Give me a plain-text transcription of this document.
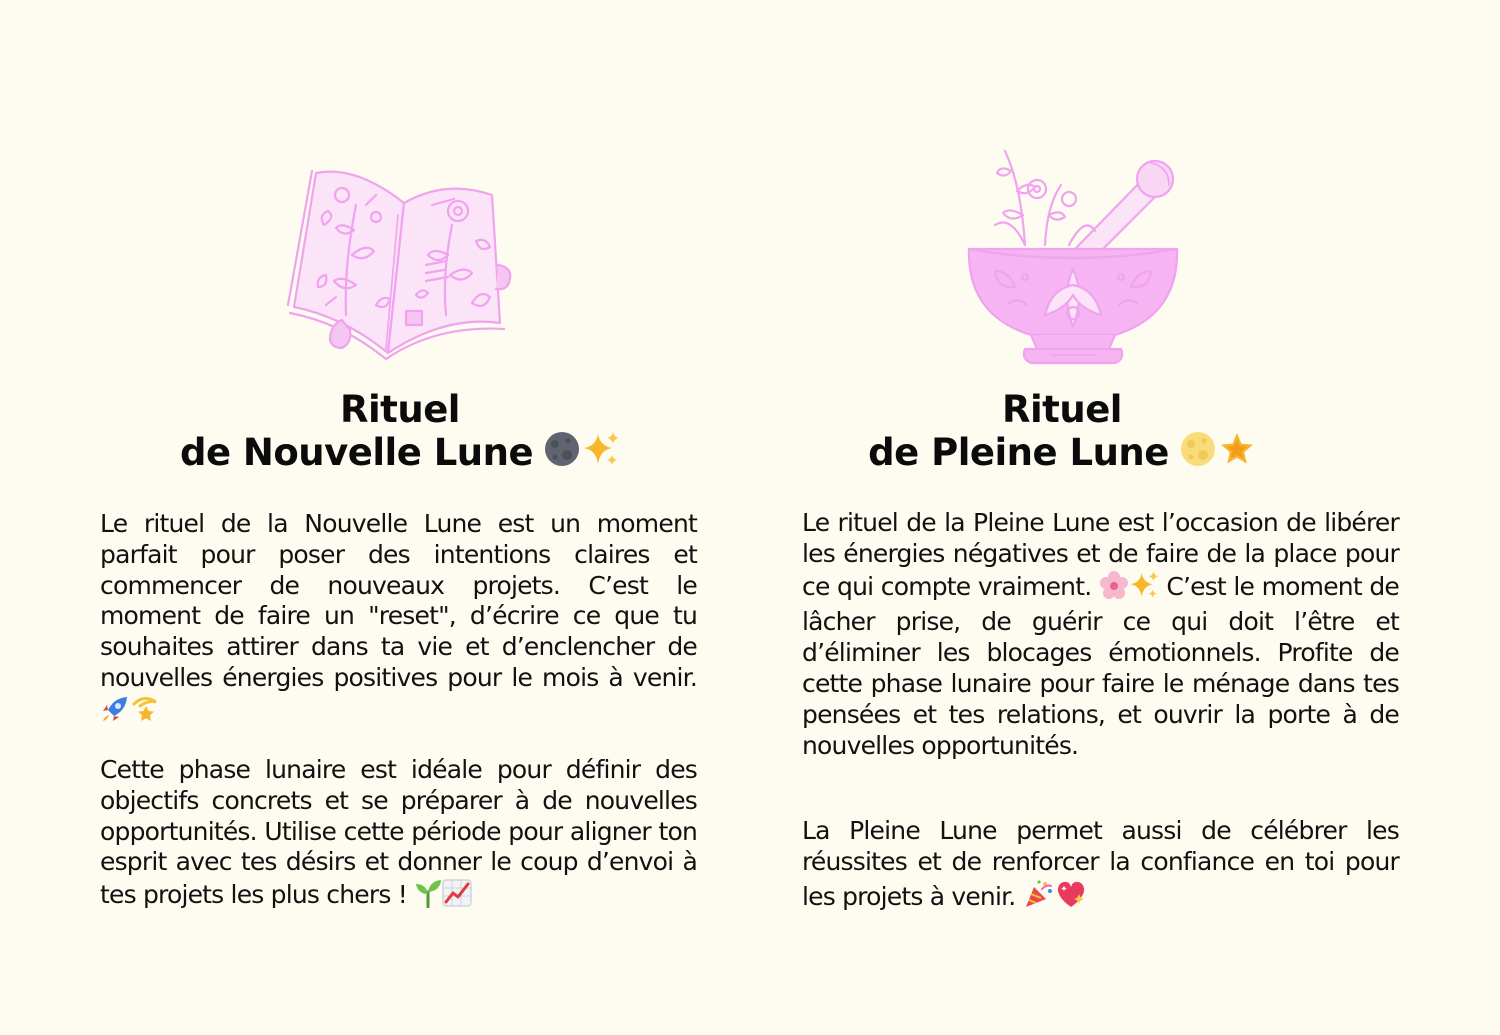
Rituel
de Nouvelle Lune

Le rituel de la Nouvelle Lune est un moment parfait pour poser des intentions claires et commencer de nouveaux projets. C’est le moment de faire un "reset", d’écrire ce que tu souhaites attirer dans ta vie et d’enclencher de nouvelles énergies positives pour le mois à venir.

Cette phase lunaire est idéale pour définir des objectifs concrets et se préparer à de nouvelles opportunités. Utilise cette période pour aligner ton esprit avec tes désirs et donner le coup d’envoi à tes projets les plus chers !

Rituel
de Pleine Lune

Le rituel de la Pleine Lune est l’occasion de libérer les énergies négatives et de faire de la place pour ce qui compte vraiment.	C’est le moment de lâcher prise, de guérir ce qui doit l’être et d’éliminer les blocages émotionnels. Profite de cette phase lunaire pour faire le ménage dans tes pensées et tes relations, et ouvrir la porte à de nouvelles opportunités.

La Pleine Lune permet aussi de célébrer les réussites et de renforcer la confiance en toi pour les projets à venir.
